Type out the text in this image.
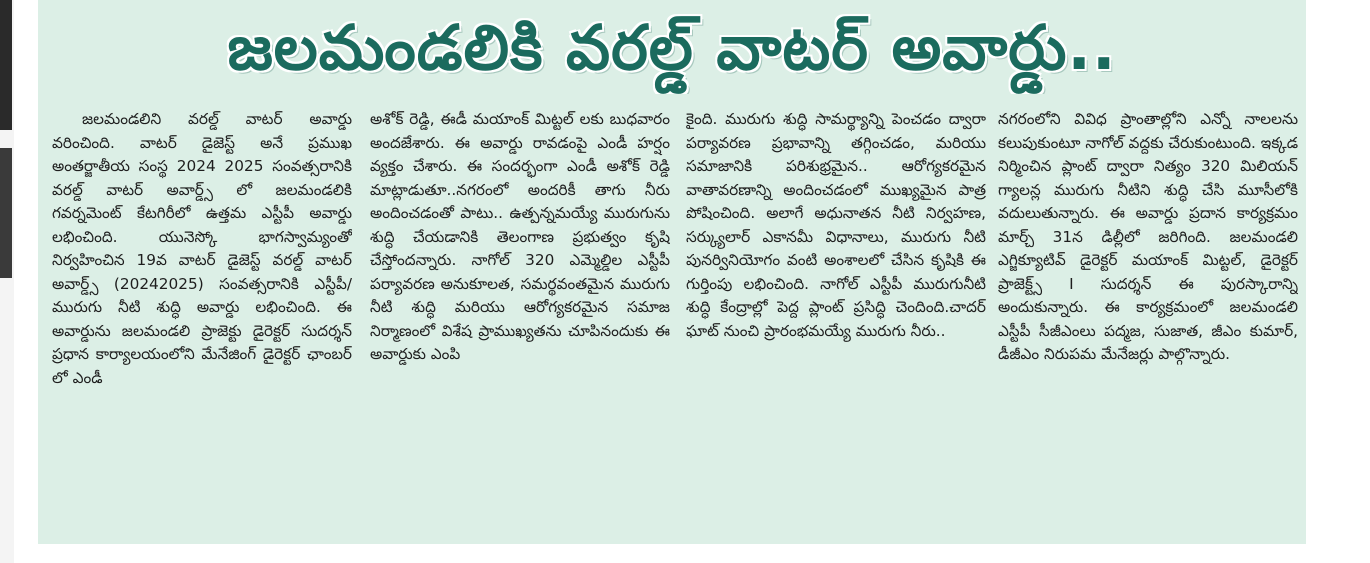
జలమండలికి వరల్డ్ వాటర్ అవార్డు..

జలమండలిని వరల్డ్ వాటర్ అవార్డు వరించింది. వాటర్ డైజెస్ట్ అనే ప్రముఖ అంతర్జాతీయ సంస్థ 2024 2025 సంవత్సరానికి వరల్డ్ వాటర్ అవార్డ్స్ లో జలమండలికి గవర్నమెంట్ కేటగిరీలో ఉత్తమ ఎస్టీపీ అవార్డు లభించింది. యునెస్కో భాగస్వామ్యంతో నిర్వహించిన 19వ వాటర్ డైజెస్ట్ వరల్డ్ వాటర్ అవార్డ్స్ (20242025) సంవత్సరానికి ఎస్టీపీ/ మురుగు నీటి శుద్ధి అవార్డు లభించింది. ఈ అవార్డును జలమండలి ప్రాజెక్టు డైరెక్టర్ సుదర్శన్ ప్రధాన కార్యాలయంలోని మేనేజింగ్ డైరెక్టర్ ఛాంబర్ లో ఎండీ

అశోక్ రెడ్డి, ఈడీ మయాంక్ మిట్టల్ లకు బుధవారం అందజేశారు. ఈ అవార్డు రావడంపై ఎండీ హర్షం వ్యక్తం చేశారు. ఈ సందర్భంగా ఎండీ అశోక్ రెడ్డి మాట్లాడుతూ..నగరంలో అందరికీ తాగు నీరు అందించడంతో పాటు.. ఉత్పన్నమయ్యే మురుగును శుద్ధి చేయడానికి తెలంగాణ ప్రభుత్వం కృషి చేస్తోందన్నారు. నాగోల్ 320 ఎమ్మెల్డిల ఎస్టీపీ పర్యావరణ అనుకూలత, సమర్థవంతమైన మురుగు నీటి శుద్ధి మరియు ఆరోగ్యకరమైన సమాజ నిర్మాణంలో విశేష ప్రాముఖ్యతను చూపినందుకు ఈ అవార్డుకు ఎంపి

కైంది. మురుగు శుద్ధి సామర్థ్యాన్ని పెంచడం ద్వారా పర్యావరణ ప్రభావాన్ని తగ్గించడం, మరియు సమాజానికి పరిశుభ్రమైన.. ఆరోగ్యకరమైన వాతావరణాన్ని అందించడంలో ముఖ్యమైన పాత్ర పోషించింది. అలాగే అధునాతన నీటి నిర్వహణ, సర్క్యులార్ ఎకానమీ విధానాలు, మురుగు నీటి పునర్వినియోగం వంటి అంశాలలో చేసిన కృషికి ఈ గుర్తింపు లభించింది. నాగోల్ ఎస్టీపీ మురుగునీటి శుద్ధి కేంద్రాల్లో పెద్ద ప్లాంట్ ప్రసిద్ధి చెందింది.చాదర్ ఘాట్ నుంచి ప్రారంభమయ్యే మురుగు నీరు..

నగరంలోని వివిధ ప్రాంతాల్లోని ఎన్నో నాలలను కలుపుకుంటూ నాగోల్ వద్దకు చేరుకుంటుంది. ఇక్కడ నిర్మించిన ప్లాంట్ ద్వారా నిత్యం 320 మిలియన్ గ్యాలన్ల మురుగు నీటిని శుద్ధి చేసి మూసీలోకి వదులుతున్నారు. ఈ అవార్డు ప్రదాన కార్యక్రమం మార్చ్ 31న డిల్లీలో జరిగింది. జలమండలి ఎగ్జిక్యూటివ్ డైరెక్టర్ మయాంక్ మిట్టల్, డైరెక్టర్ ప్రాజెక్ట్స్ I సుదర్శన్ ఈ పురస్కారాన్ని అందుకున్నారు. ఈ కార్యక్రమంలో జలమండలి ఎస్టీపీ సీజీఎంలు పద్మజ, సుజాత, జీఎం కుమార్, డీజీఎం నిరుపమ మేనేజర్లు పాల్గొన్నారు.
